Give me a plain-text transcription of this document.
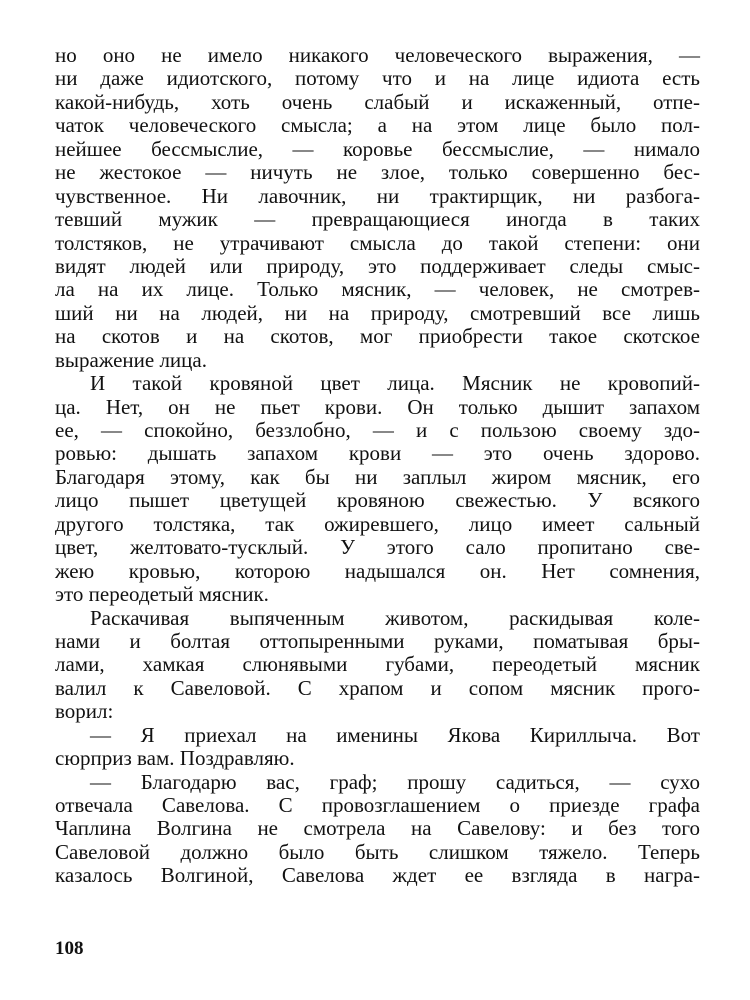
но оно не имело никакого человеческого выражения, —
ни даже идиотского, потому что и на лице идиота есть
какой-нибудь, хоть очень слабый и искаженный, отпе-
чаток человеческого смысла; а на этом лице было пол-
нейшее бессмыслие, — коровье бессмыслие, — нимало
не жестокое — ничуть не злое, только совершенно бес-
чувственное. Ни лавочник, ни трактирщик, ни разбога-
тевший мужик — превращающиеся иногда в таких
толстяков, не утрачивают смысла до такой степени: они
видят людей или природу, это поддерживает следы смыс-
ла на их лице. Только мясник, — человек, не смотрев-
ший ни на людей, ни на природу, смотревший все лишь
на скотов и на скотов, мог приобрести такое скотское
выражение лица.
И такой кровяной цвет лица. Мясник не кровопий-
ца. Нет, он не пьет крови. Он только дышит запахом
ее, — спокойно, беззлобно, — и с пользою своему здо-
ровью: дышать запахом крови — это очень здорово.
Благодаря этому, как бы ни заплыл жиром мясник, его
лицо пышет цветущей кровяною свежестью. У всякого
другого толстяка, так ожиревшего, лицо имеет сальный
цвет, желтовато-тусклый. У этого сало пропитано све-
жею кровью, которою надышался он. Нет сомнения,
это переодетый мясник.
Раскачивая выпяченным животом, раскидывая коле-
нами и болтая оттопыренными руками, поматывая бры-
лами, хамкая слюнявыми губами, переодетый мясник
валил к Савеловой. С храпом и сопом мясник прого-
ворил:
— Я приехал на именины Якова Кириллыча. Вот
сюрприз вам. Поздравляю.
— Благодарю вас, граф; прошу садиться, — сухо
отвечала Савелова. С провозглашением о приезде графа
Чаплина Волгина не смотрела на Савелову: и без того
Савеловой должно было быть слишком тяжело. Теперь
казалось Волгиной, Савелова ждет ее взгляда в награ-
108
